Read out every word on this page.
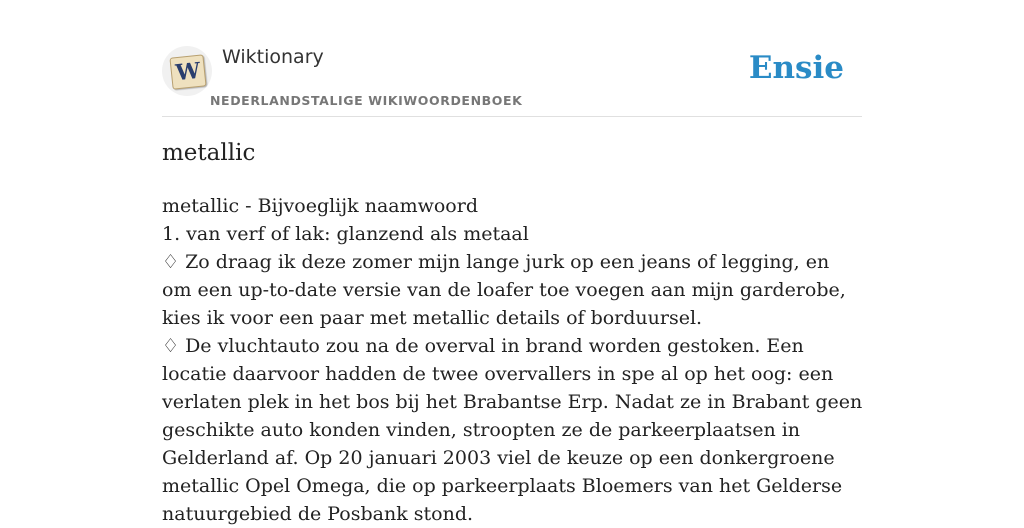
W
Wiktionary
NEDERLANDSTALIGE WIKIWOORDENBOEK
Ensie
metallic

metallic - Bijvoeglijk naamwoord

1. van verf of lak: glanzend als metaal

♢ Zo draag ik deze zomer mijn lange jurk op een jeans of legging, en om een up-to-date versie van de loafer toe voegen aan mijn garderobe, kies ik voor een paar met metallic details of borduursel.

♢ De vluchtauto zou na de overval in brand worden gestoken. Een locatie daarvoor hadden de twee overvallers in spe al op het oog: een verlaten plek in het bos bij het Brabantse Erp. Nadat ze in Brabant geen geschikte auto konden vinden, stroopten ze de parkeerplaatsen in Gelderland af. Op 20 januari 2003 viel de keuze op een donkergroene metallic Opel Omega, die op parkeerplaats Bloemers van het Gelderse natuurgebied de Posbank stond.
